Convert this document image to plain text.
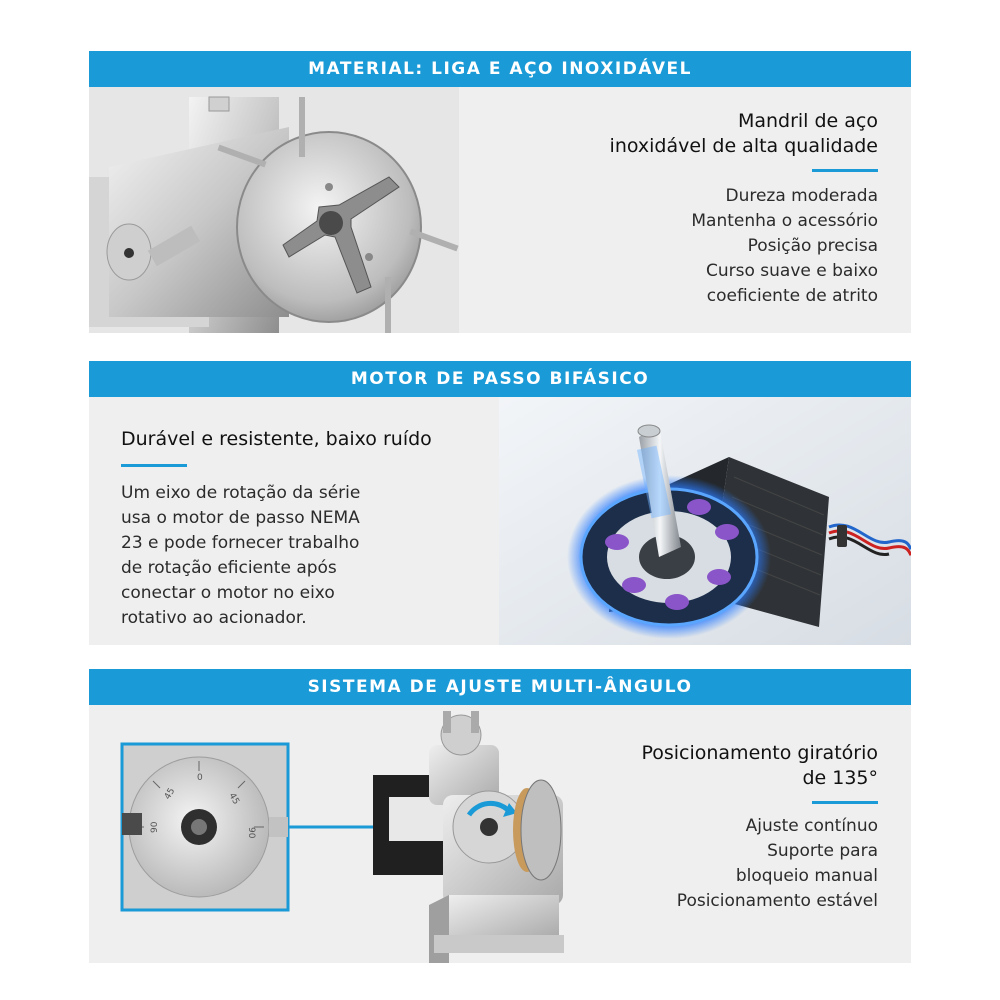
MATERIAL: LIGA E AÇO INOXIDÁVEL
Mandril de aço
inoxidável de alta qualidade
Dureza moderada
Mantenha o acessório
Posição precisa
Curso suave e baixo
coeficiente de atrito
MOTOR DE PASSO BIFÁSICO
Durável e resistente, baixo ruído
Um eixo de rotação da série
usa o motor de passo NEMA
23 e pode fornecer trabalho
de rotação eficiente após
conectar o motor no eixo
rotativo ao acionador.
SISTEMA DE AJUSTE MULTI-ÂNGULO
45
90
0
45
90
Posicionamento giratório
de 135°
Ajuste contínuo
Suporte para
bloqueio manual
Posicionamento estável
